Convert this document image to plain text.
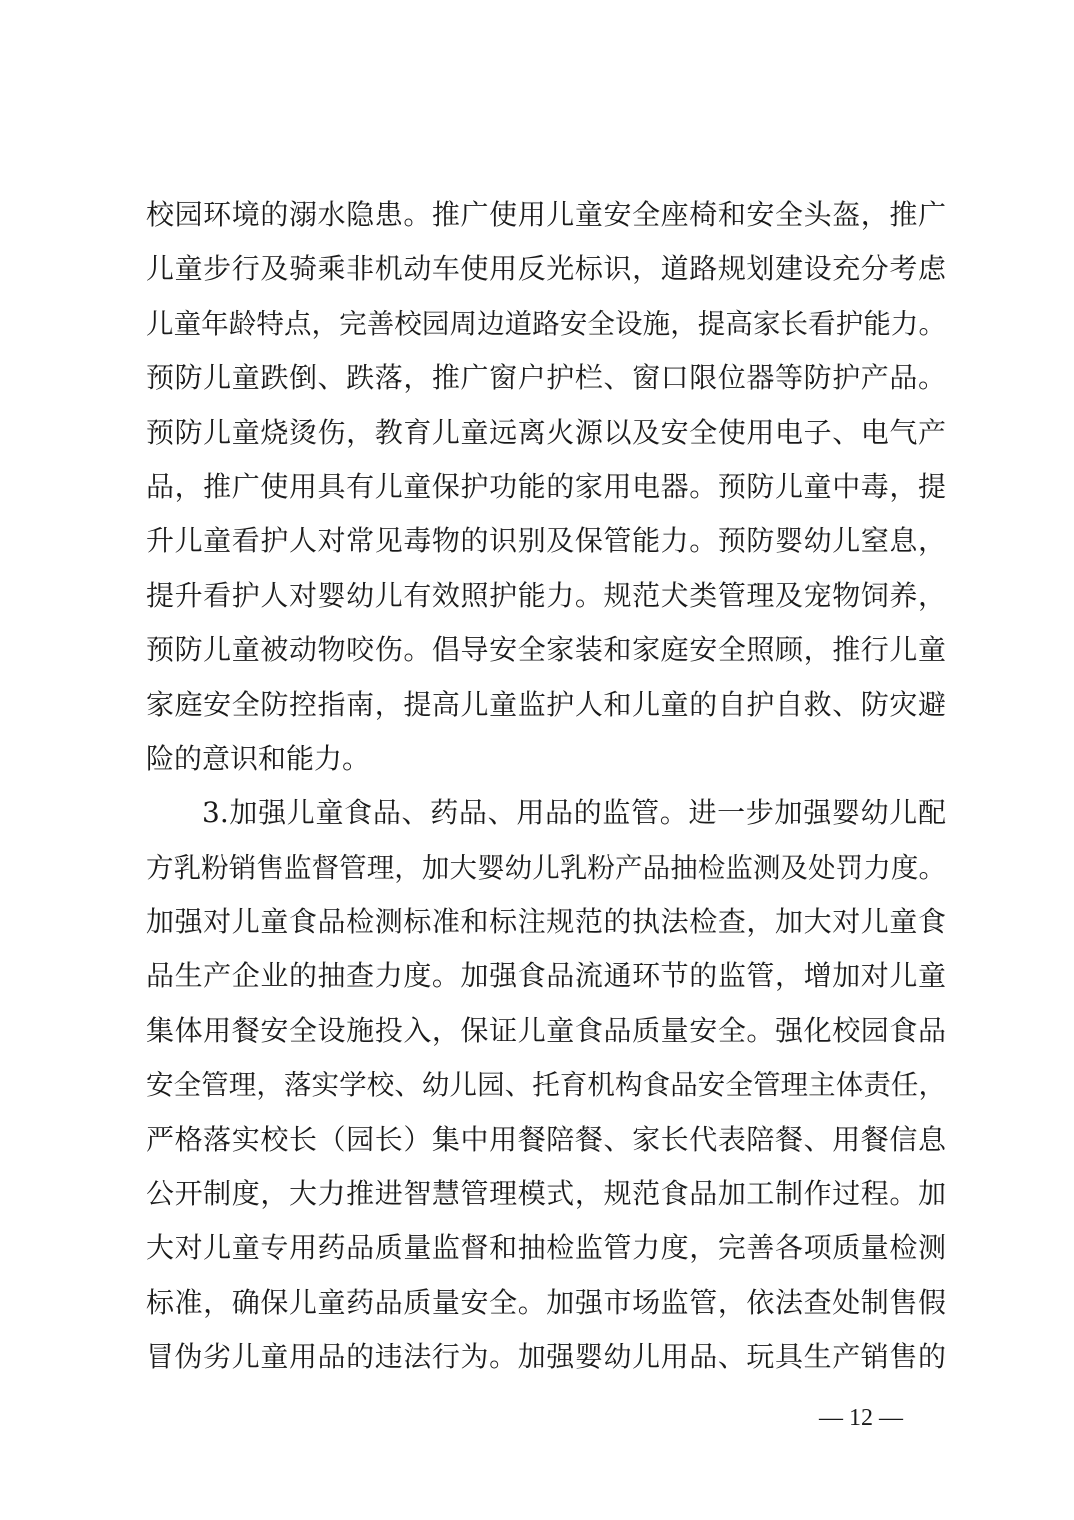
校园环境的溺水隐患。推广使用儿童安全座椅和安全头盔，推广
儿童步行及骑乘非机动车使用反光标识，道路规划建设充分考虑
儿童年龄特点，完善校园周边道路安全设施，提高家长看护能力。
预防儿童跌倒、跌落，推广窗户护栏、窗口限位器等防护产品。
预防儿童烧烫伤，教育儿童远离火源以及安全使用电子、电气产
品，推广使用具有儿童保护功能的家用电器。预防儿童中毒，提
升儿童看护人对常见毒物的识别及保管能力。预防婴幼儿窒息，
提升看护人对婴幼儿有效照护能力。规范犬类管理及宠物饲养，
预防儿童被动物咬伤。倡导安全家装和家庭安全照顾，推行儿童
家庭安全防控指南，提高儿童监护人和儿童的自护自救、防灾避
险的意识和能力。
3.加强儿童食品、药品、用品的监管。进一步加强婴幼儿配
方乳粉销售监督管理，加大婴幼儿乳粉产品抽检监测及处罚力度。
加强对儿童食品检测标准和标注规范的执法检查，加大对儿童食
品生产企业的抽查力度。加强食品流通环节的监管，增加对儿童
集体用餐安全设施投入，保证儿童食品质量安全。强化校园食品
安全管理，落实学校、幼儿园、托育机构食品安全管理主体责任，
严格落实校长（园长）集中用餐陪餐、家长代表陪餐、用餐信息
公开制度，大力推进智慧管理模式，规范食品加工制作过程。加
大对儿童专用药品质量监督和抽检监管力度，完善各项质量检测
标准，确保儿童药品质量安全。加强市场监管，依法查处制售假
冒伪劣儿童用品的违法行为。加强婴幼儿用品、玩具生产销售的
— 12 —
